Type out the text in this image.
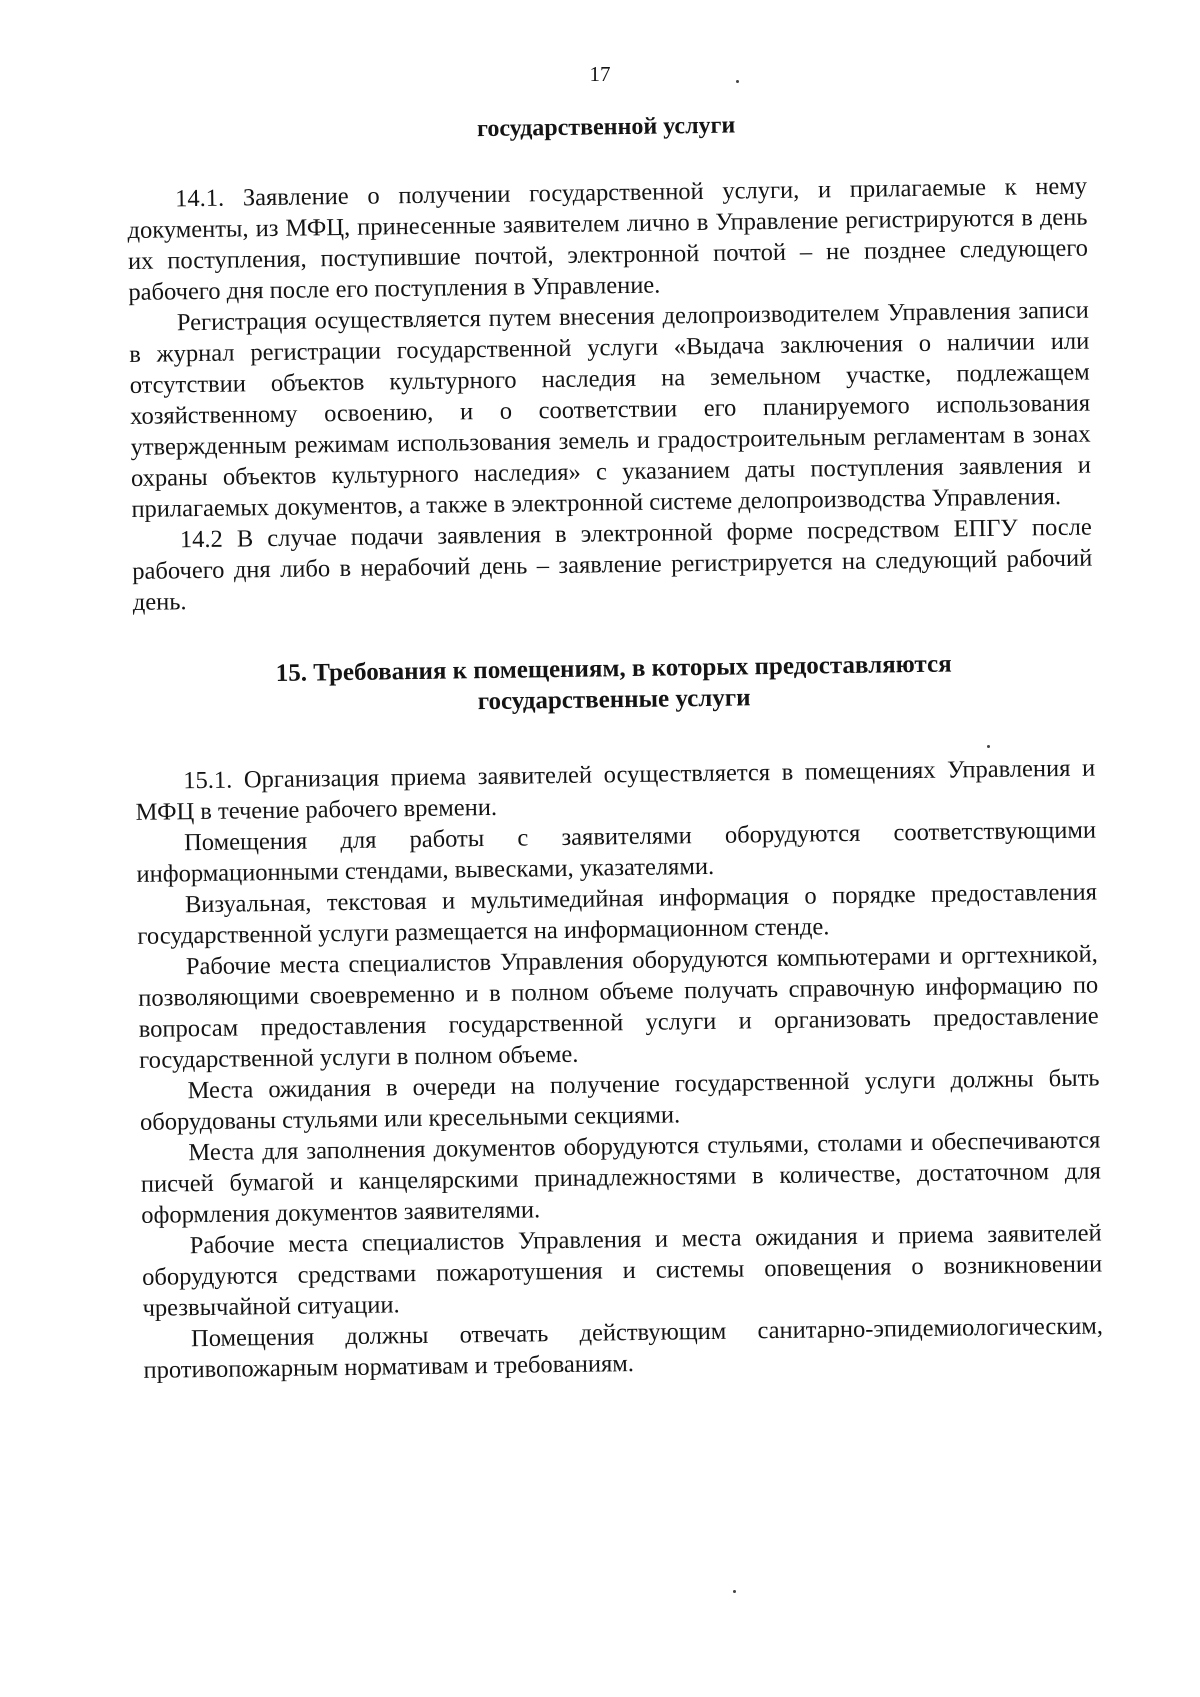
17
государственной услуги

14.1. Заявление о получении государственной услуги, и прилагаемые к нему документы, из МФЦ, принесенные заявителем лично в Управление регистрируются в день их поступления, поступившие почтой, электронной почтой – не позднее следующего рабочего дня после его поступления в Управление.

Регистрация осуществляется путем внесения делопроизводителем Управления записи в журнал регистрации государственной услуги «Выдача заключения о наличии или отсутствии объектов культурного наследия на земельном участке, подлежащем хозяйственному освоению, и о соответствии его планируемого использования утвержденным режимам использования земель и градостроительным регламентам в зонах охраны объектов культурного наследия» с указанием даты поступления заявления и прилагаемых документов, а также в электронной системе делопроизводства Управления.

14.2 В случае подачи заявления в электронной форме посредством ЕПГУ после рабочего дня либо в нерабочий день – заявление регистрируется на следующий рабочий день.

15. Требования к помещениям, в которых предоставляются
государственные услуги

15.1. Организация приема заявителей осуществляется в помещениях Управления и МФЦ в течение рабочего времени.

Помещения для работы с заявителями оборудуются соответствующими информационными стендами, вывесками, указателями.

Визуальная, текстовая и мультимедийная информация о порядке предоставления государственной услуги размещается на информационном стенде.

Рабочие места специалистов Управления оборудуются компьютерами и оргтехникой, позволяющими своевременно и в полном объеме получать справочную информацию по вопросам предоставления государственной услуги и организовать предоставление государственной услуги в полном объеме.

Места ожидания в очереди на получение государственной услуги должны быть оборудованы стульями или кресельными секциями.

Места для заполнения документов оборудуются стульями, столами и обеспечиваются писчей бумагой и канцелярскими принадлежностями в количестве, достаточном для оформления документов заявителями.

Рабочие места специалистов Управления и места ожидания и приема заявителей оборудуются средствами пожаротушения и системы оповещения о возникновении чрезвычайной ситуации.

Помещения должны отвечать действующим санитарно-эпидемиологическим, противопожарным нормативам и требованиям.
